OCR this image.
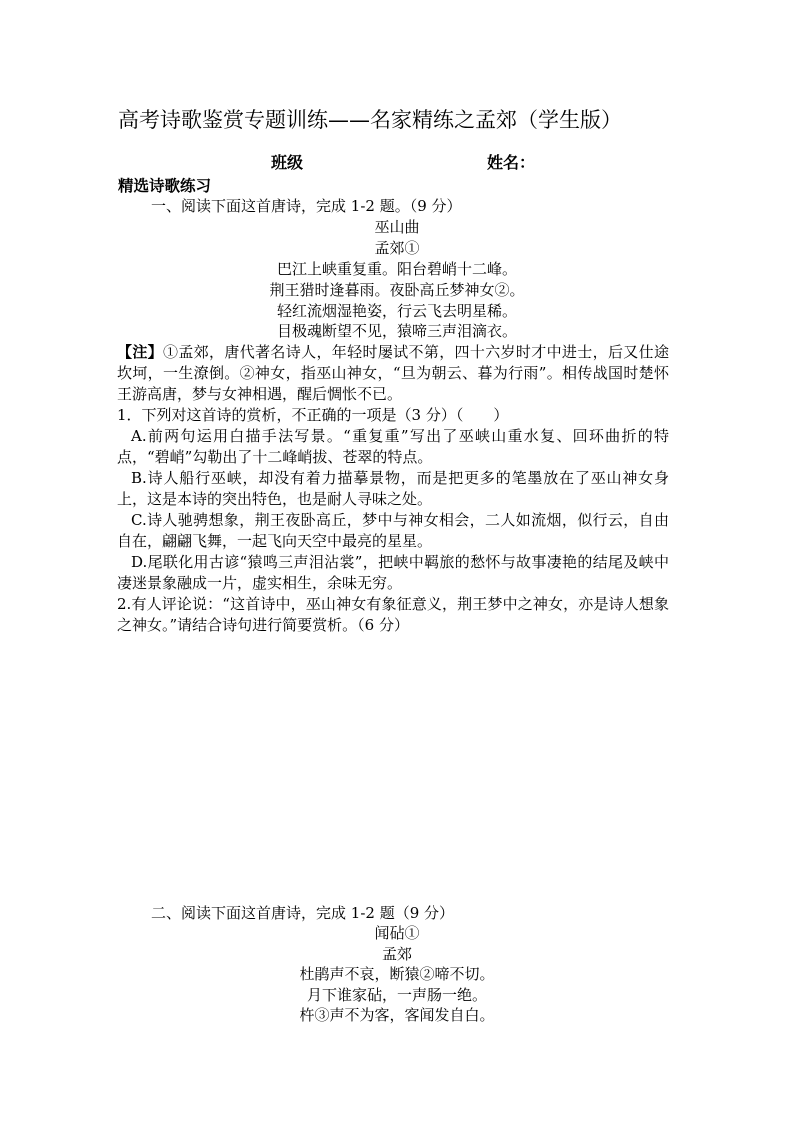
高考诗歌鉴赏专题训练——名家精练之孟郊（学生版）
班级	姓名：
精选诗歌练习
一、阅读下面这首唐诗，完成 1-2 题。（9 分）
巫山曲
孟郊①
巴江上峡重复重。阳台碧峭十二峰。
荆王猎时逢暮雨。夜卧高丘梦神女②。
轻红流烟湿艳姿，行云飞去明星稀。
目极魂断望不见，猿啼三声泪滴衣。
【注】①孟郊，唐代著名诗人，年轻时屡试不第，四十六岁时才中进士，后又仕途坎坷，一生潦倒。②神女，指巫山神女，“旦为朝云、暮为行雨”。相传战国时楚怀王游高唐，梦与女神相遇，醒后惆怅不已。
1．下列对这首诗的赏析，不正确的一项是（3 分）（　　）
A.前两句运用白描手法写景。“重复重”写出了巫峡山重水复、回环曲折的特点，“碧峭”勾勒出了十二峰峭拔、苍翠的特点。
B.诗人船行巫峡，却没有着力描摹景物，而是把更多的笔墨放在了巫山神女身上，这是本诗的突出特色，也是耐人寻味之处。
C.诗人驰骋想象，荆王夜卧高丘，梦中与神女相会，二人如流烟，似行云，自由自在，翩翩飞舞，一起飞向天空中最亮的星星。
D.尾联化用古谚“猿鸣三声泪沾裳”，把峡中羁旅的愁怀与故事凄艳的结尾及峡中凄迷景象融成一片，虚实相生，余味无穷。
2.有人评论说：“这首诗中，巫山神女有象征意义，荆王梦中之神女，亦是诗人想象之神女。”请结合诗句进行简要赏析。（6 分）
二、阅读下面这首唐诗，完成 1-2 题（9 分）
闻砧①
孟郊
杜鹃声不哀，断猿②啼不切。
月下谁家砧，一声肠一绝。
杵③声不为客，客闻发自白。
